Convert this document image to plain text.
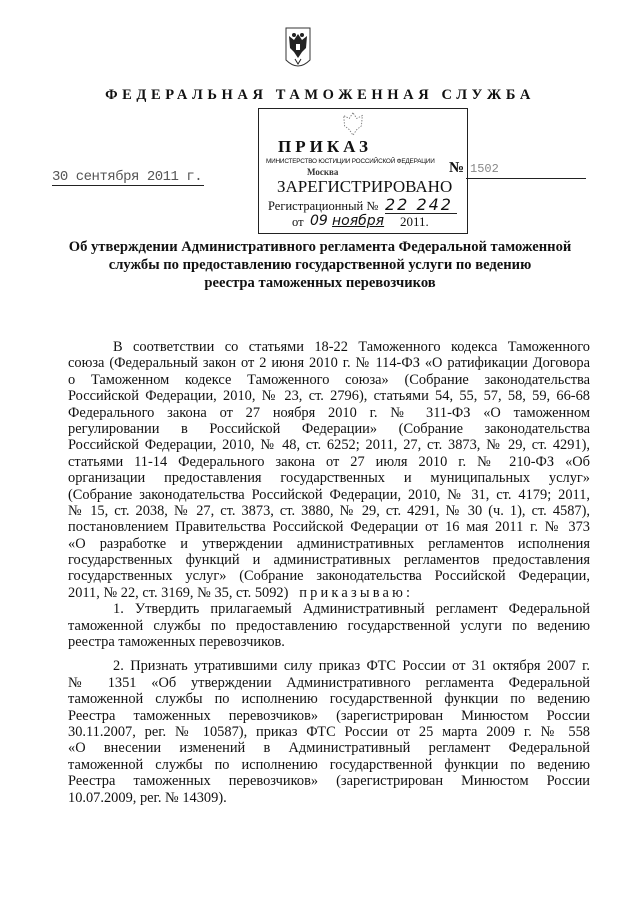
ФЕДЕРАЛЬНАЯ ТАМОЖЕННАЯ СЛУЖБА
ПРИКАЗ
МИНИСТЕРСТВО ЮСТИЦИИ РОССИЙСКОЙ ФЕДЕРАЦИИ
30 сентября 2011 г.
№ 1502
Москва
ЗАРЕГИСТРИРОВАНО
Регистрационный № 22 242
от 09 ноября 2011.
Об утверждении Административного регламента Федеральной таможенной
службы по предоставлению государственной услуги по ведению
реестра таможенных перевозчиков
В соответствии со статьями 18-22 Таможенного кодекса Таможенного
союза (Федеральный закон от 2 июня 2010 г. № 114-ФЗ «О ратификации Договора
о Таможенном кодексе Таможенного союза» (Собрание законодательства
Российской Федерации, 2010, № 23, ст. 2796), статьями 54, 55, 57, 58, 59, 66-68
Федерального закона от 27 ноября 2010 г. № 311-ФЗ «О таможенном
регулировании в Российской Федерации» (Собрание законодательства
Российской Федерации, 2010, № 48, ст. 6252; 2011, 27, ст. 3873, № 29, ст. 4291),
статьями 11-14 Федерального закона от 27 июля 2010 г. № 210-ФЗ «Об
организации предоставления государственных и муниципальных услуг»
(Собрание законодательства Российской Федерации, 2010, № 31, ст. 4179; 2011,
№ 15, ст. 2038, № 27, ст. 3873, ст. 3880, № 29, ст. 4291, № 30 (ч. 1), ст. 4587),
постановлением Правительства Российской Федерации от 16 мая 2011 г. № 373
«О разработке и утверждении административных регламентов исполнения
государственных функций и административных регламентов предоставления
государственных услуг» (Собрание законодательства Российской Федерации,
2011, № 22, ст. 3169, № 35, ст. 5092) приказываю:
1. Утвердить прилагаемый Административный регламент Федеральной
таможенной службы по предоставлению государственной услуги по ведению
реестра таможенных перевозчиков.
2. Признать утратившими силу приказ ФТС России от 31 октября 2007 г.
№ 1351 «Об утверждении Административного регламента Федеральной
таможенной службы по исполнению государственной функции по ведению
Реестра таможенных перевозчиков» (зарегистрирован Минюстом России
30.11.2007, рег. № 10587), приказ ФТС России от 25 марта 2009 г. № 558
«О внесении изменений в Административный регламент Федеральной
таможенной службы по исполнению государственной функции по ведению
Реестра таможенных перевозчиков» (зарегистрирован Минюстом России
10.07.2009, рег. № 14309).
